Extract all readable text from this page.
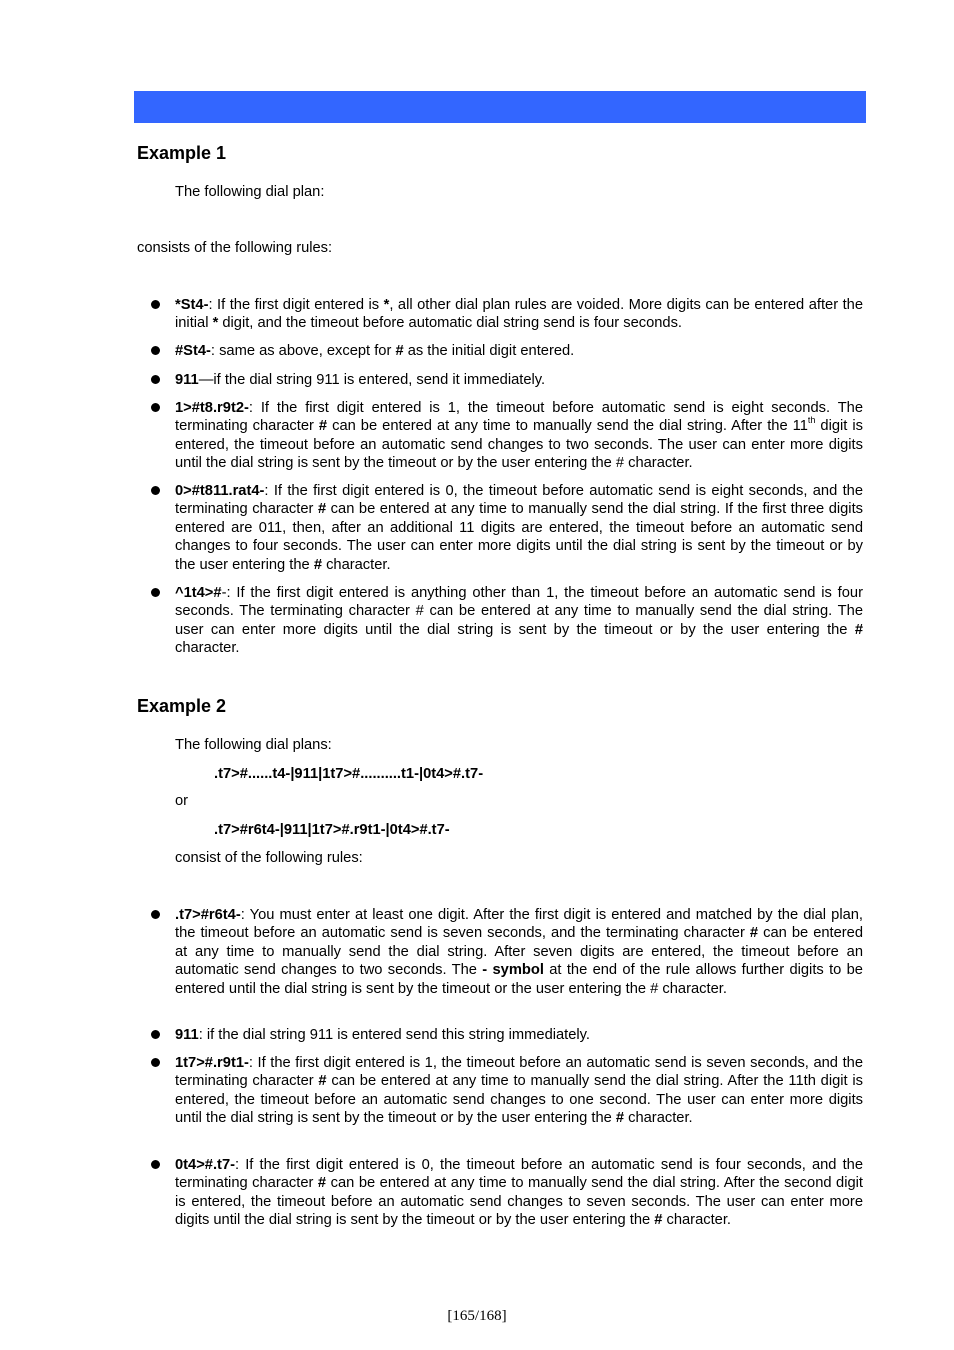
Example 1
The following dial plan:
consists of the following rules:
*St4-: If the first digit entered is *, all other dial plan rules are voided. More digits can be entered after the initial * digit, and the timeout before automatic dial string send is four seconds.
#St4-: same as above, except for # as the initial digit entered.
911—if the dial string 911 is entered, send it immediately.
1>#t8.r9t2-: If the first digit entered is 1, the timeout before automatic send is eight seconds. The terminating character # can be entered at any time to manually send the dial string. After the 11th digit is entered, the timeout before an automatic send changes to two seconds. The user can enter more digits until the dial string is sent by the timeout or by the user entering the # character.
0>#t811.rat4-: If the first digit entered is 0, the timeout before automatic send is eight seconds, and the terminating character # can be entered at any time to manually send the dial string. If the first three digits entered are 011, then, after an additional 11 digits are entered, the timeout before an automatic send changes to four seconds. The user can enter more digits until the dial string is sent by the timeout or by the user entering the # character.
^1t4>#-: If the first digit entered is anything other than 1, the timeout before an automatic send is four seconds. The terminating character # can be entered at any time to manually send the dial string. The user can enter more digits until the dial string is sent by the timeout or by the user entering the # character.
Example 2
The following dial plans:
.t7>#......t4-|911|1t7>#..........t1-|0t4>#.t7-
or
.t7>#r6t4-|911|1t7>#.r9t1-|0t4>#.t7-
consist of the following rules:
.t7>#r6t4-: You must enter at least one digit. After the first digit is entered and matched by the dial plan, the timeout before an automatic send is seven seconds, and the terminating character # can be entered at any time to manually send the dial string. After seven digits are entered, the timeout before an automatic send changes to two seconds. The - symbol at the end of the rule allows further digits to be entered until the dial string is sent by the timeout or the user entering the # character.
911: if the dial string 911 is entered send this string immediately.
1t7>#.r9t1-: If the first digit entered is 1, the timeout before an automatic send is seven seconds, and the terminating character # can be entered at any time to manually send the dial string. After the 11th digit is entered, the timeout before an automatic send changes to one second. The user can enter more digits until the dial string is sent by the timeout or by the user entering the # character.
0t4>#.t7-: If the first digit entered is 0, the timeout before an automatic send is four seconds, and the terminating character # can be entered at any time to manually send the dial string. After the second digit is entered, the timeout before an automatic send changes to seven seconds. The user can enter more digits until the dial string is sent by the timeout or by the user entering the # character.
[165/168]
